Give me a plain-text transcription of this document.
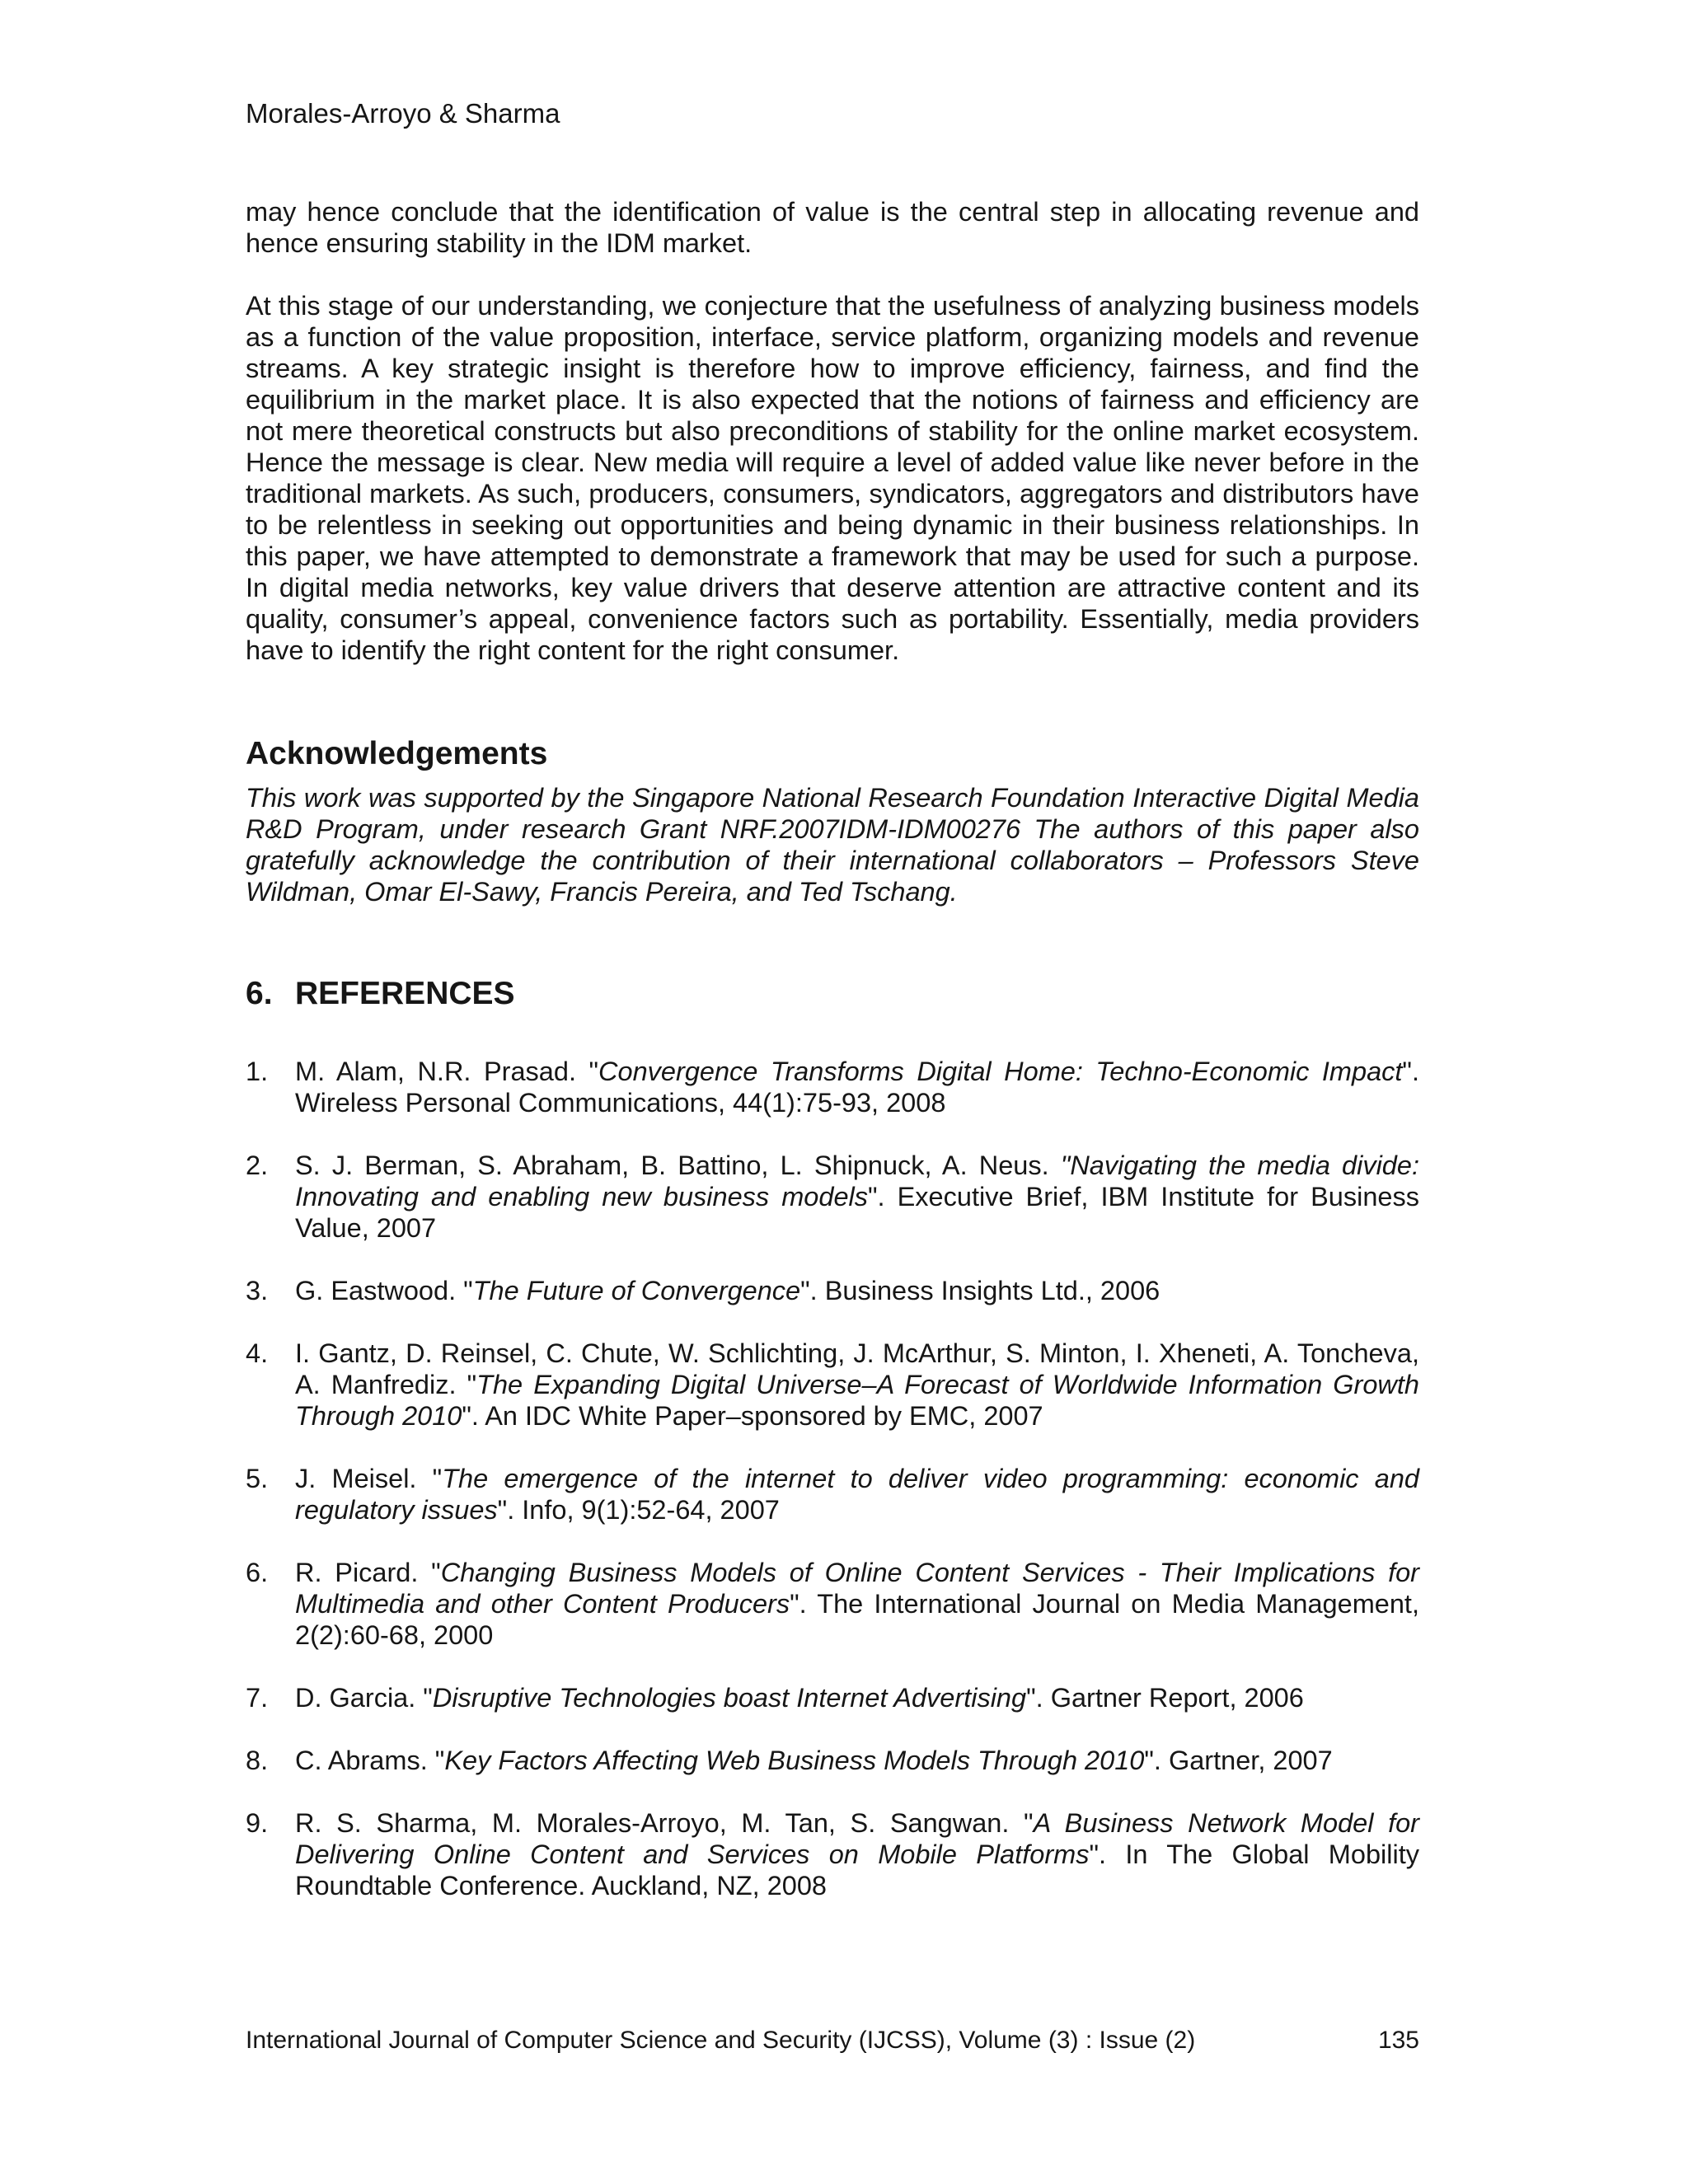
Morales-Arroyo & Sharma

may hence conclude that the identification of value is the central step in allocating revenue and hence ensuring stability in the IDM market.

At this stage of our understanding, we conjecture that the usefulness of analyzing business models as a function of the value proposition, interface, service platform, organizing models and revenue streams. A key strategic insight is therefore how to improve efficiency, fairness, and find the equilibrium in the market place. It is also expected that the notions of fairness and efficiency are not mere theoretical constructs but also preconditions of stability for the online market ecosystem. Hence the message is clear. New media will require a level of added value like never before in the traditional markets. As such, producers, consumers, syndicators, aggregators and distributors have to be relentless in seeking out opportunities and being dynamic in their business relationships. In this paper, we have attempted to demonstrate a framework that may be used for such a purpose. In digital media networks, key value drivers that deserve attention are attractive content and its quality, consumer’s appeal, convenience factors such as portability. Essentially, media providers have to identify the right content for the right consumer.

Acknowledgements

This work was supported by the Singapore National Research Foundation Interactive Digital Media R&D Program, under research Grant NRF.2007IDM-IDM00276 The authors of this paper also gratefully acknowledge the contribution of their international collaborators – Professors Steve Wildman, Omar El-Sawy, Francis Pereira, and Ted Tschang.

6. REFERENCES
1. M. Alam, N.R. Prasad. "Convergence Transforms Digital Home: Techno-Economic Impact". Wireless Personal Communications, 44(1):75-93, 2008
2. S. J. Berman, S. Abraham, B. Battino, L. Shipnuck, A. Neus. "Navigating the media divide: Innovating and enabling new business models". Executive Brief, IBM Institute for Business Value, 2007
3. G. Eastwood. "The Future of Convergence". Business Insights Ltd., 2006
4. I. Gantz, D. Reinsel, C. Chute, W. Schlichting, J. McArthur, S. Minton, I. Xheneti, A. Toncheva, A. Manfrediz. "The Expanding Digital Universe–A Forecast of Worldwide Information Growth Through 2010". An IDC White Paper–sponsored by EMC, 2007
5. J. Meisel. "The emergence of the internet to deliver video programming: economic and regulatory issues". Info, 9(1):52-64, 2007
6. R. Picard. "Changing Business Models of Online Content Services - Their Implications for Multimedia and other Content Producers". The International Journal on Media Management, 2(2):60-68, 2000
7. D. Garcia. "Disruptive Technologies boast Internet Advertising". Gartner Report, 2006
8. C. Abrams. "Key Factors Affecting Web Business Models Through 2010". Gartner, 2007
9. R. S. Sharma, M. Morales-Arroyo, M. Tan, S. Sangwan. "A Business Network Model for Delivering Online Content and Services on Mobile Platforms". In The Global Mobility Roundtable Conference. Auckland, NZ, 2008
International Journal of Computer Science and Security (IJCSS), Volume (3) : Issue (2)	135
